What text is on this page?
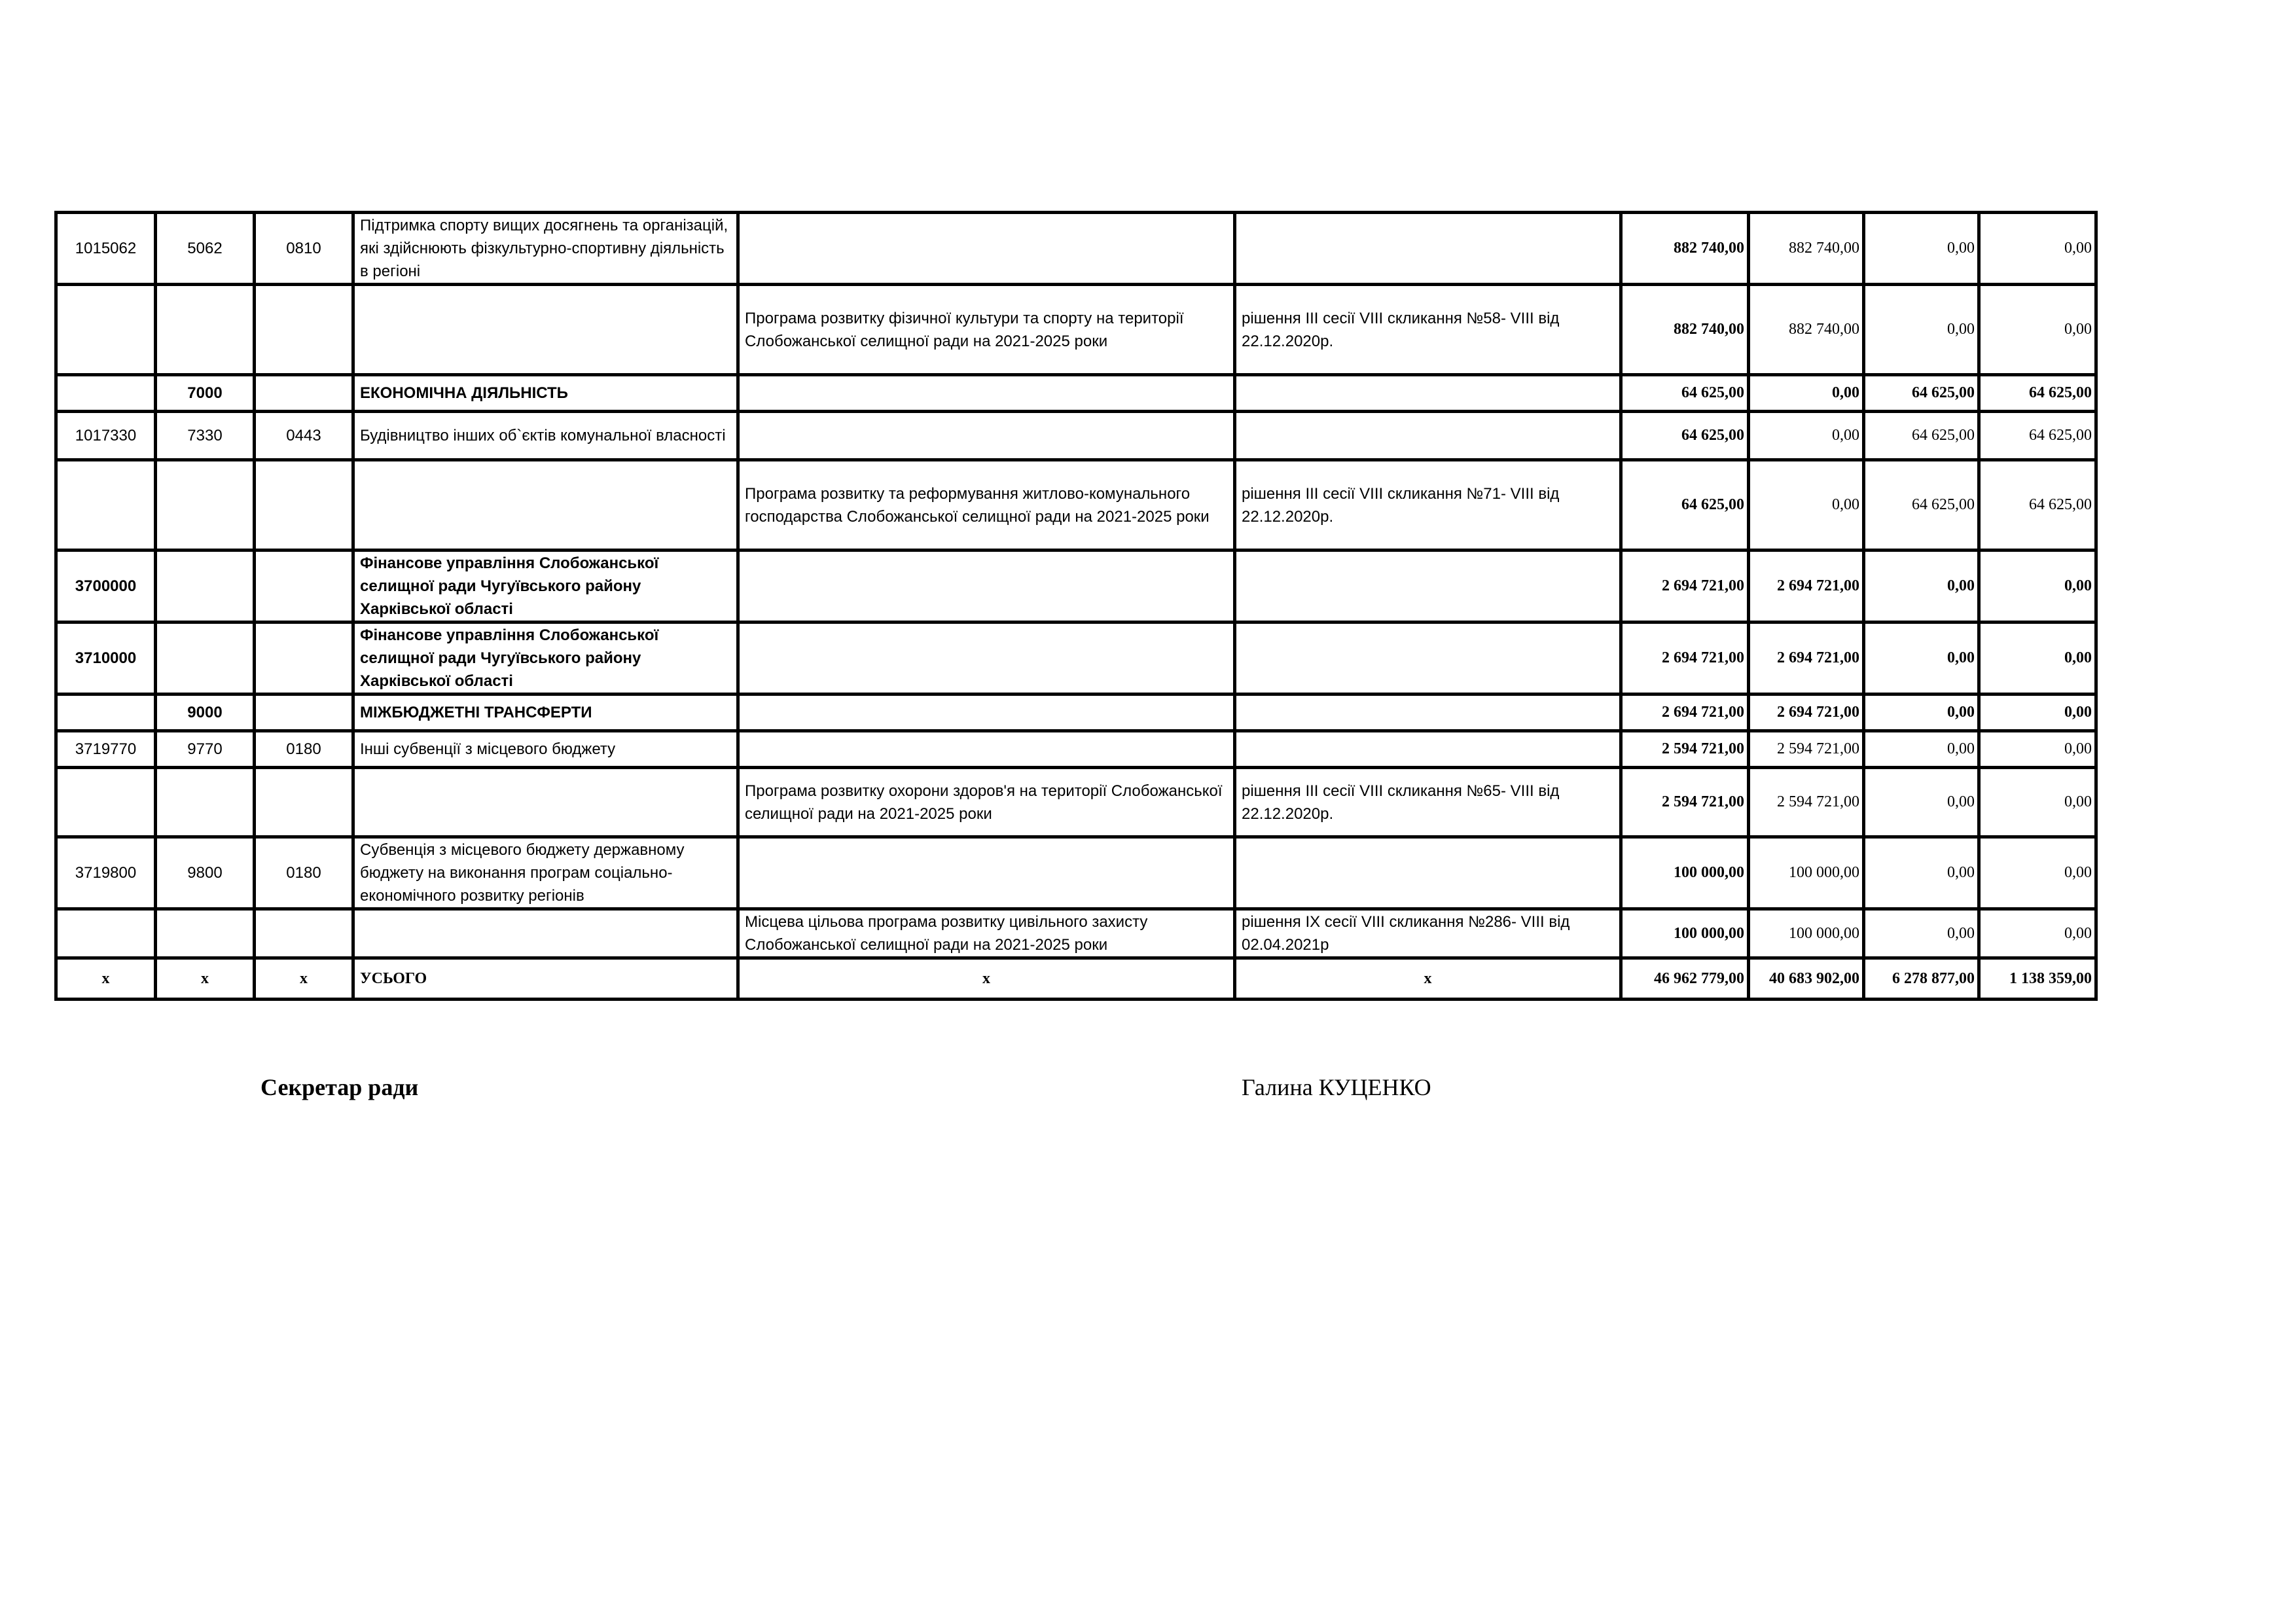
1015062	5062	0810	Підтримка спорту вищих досягнень та організацій, які здійснюють фізкультурно-спортивну діяльність в регіоні			882 740,00	882 740,00	0,00	0,00
				Програма розвитку фізичної культури та спорту на території Слобожанської селищної ради на 2021-2025 роки	рішення ІІІ сесії VІІІ скликання №58- VІІІ від 22.12.2020р.	882 740,00	882 740,00	0,00	0,00
	7000		ЕКОНОМІЧНА ДІЯЛЬНІСТЬ			64 625,00	0,00	64 625,00	64 625,00
1017330	7330	0443	Будівництво інших об`єктів комунальної власності			64 625,00	0,00	64 625,00	64 625,00
				Програма розвитку та реформування житлово-комунального господарства Слобожанської селищної ради на 2021-2025 роки	рішення ІІІ сесії VІІІ скликання №71- VІІІ від 22.12.2020р.	64 625,00	0,00	64 625,00	64 625,00
3700000			Фінансове управління Слобожанської селищної ради Чугуївського району Харківської області			2 694 721,00	2 694 721,00	0,00	0,00
3710000			Фінансове управління Слобожанської селищної ради Чугуївського району Харківської області			2 694 721,00	2 694 721,00	0,00	0,00
	9000		МІЖБЮДЖЕТНІ ТРАНСФЕРТИ			2 694 721,00	2 694 721,00	0,00	0,00
3719770	9770	0180	Інші субвенції з місцевого бюджету			2 594 721,00	2 594 721,00	0,00	0,00
				Програма розвитку охорони здоров'я на території Слобожанської селищної ради на 2021-2025 роки	рішення ІІІ сесії VІІІ скликання №65- VІІІ від 22.12.2020р.	2 594 721,00	2 594 721,00	0,00	0,00
3719800	9800	0180	Субвенція з місцевого бюджету державному бюджету на виконання програм соціально-економічного розвитку регіонів			100 000,00	100 000,00	0,00	0,00
				Місцева цільова програма розвитку цивільного захисту Слобожанської селищної ради на 2021-2025 роки	рішення ІХ сесії VІІІ скликання №286- VІІІ від 02.04.2021р	100 000,00	100 000,00	0,00	0,00
х	х	х	УСЬОГО	х	х	46 962 779,00	40 683 902,00	6 278 877,00	1 138 359,00
Секретар ради	Галина КУЦЕНКО
